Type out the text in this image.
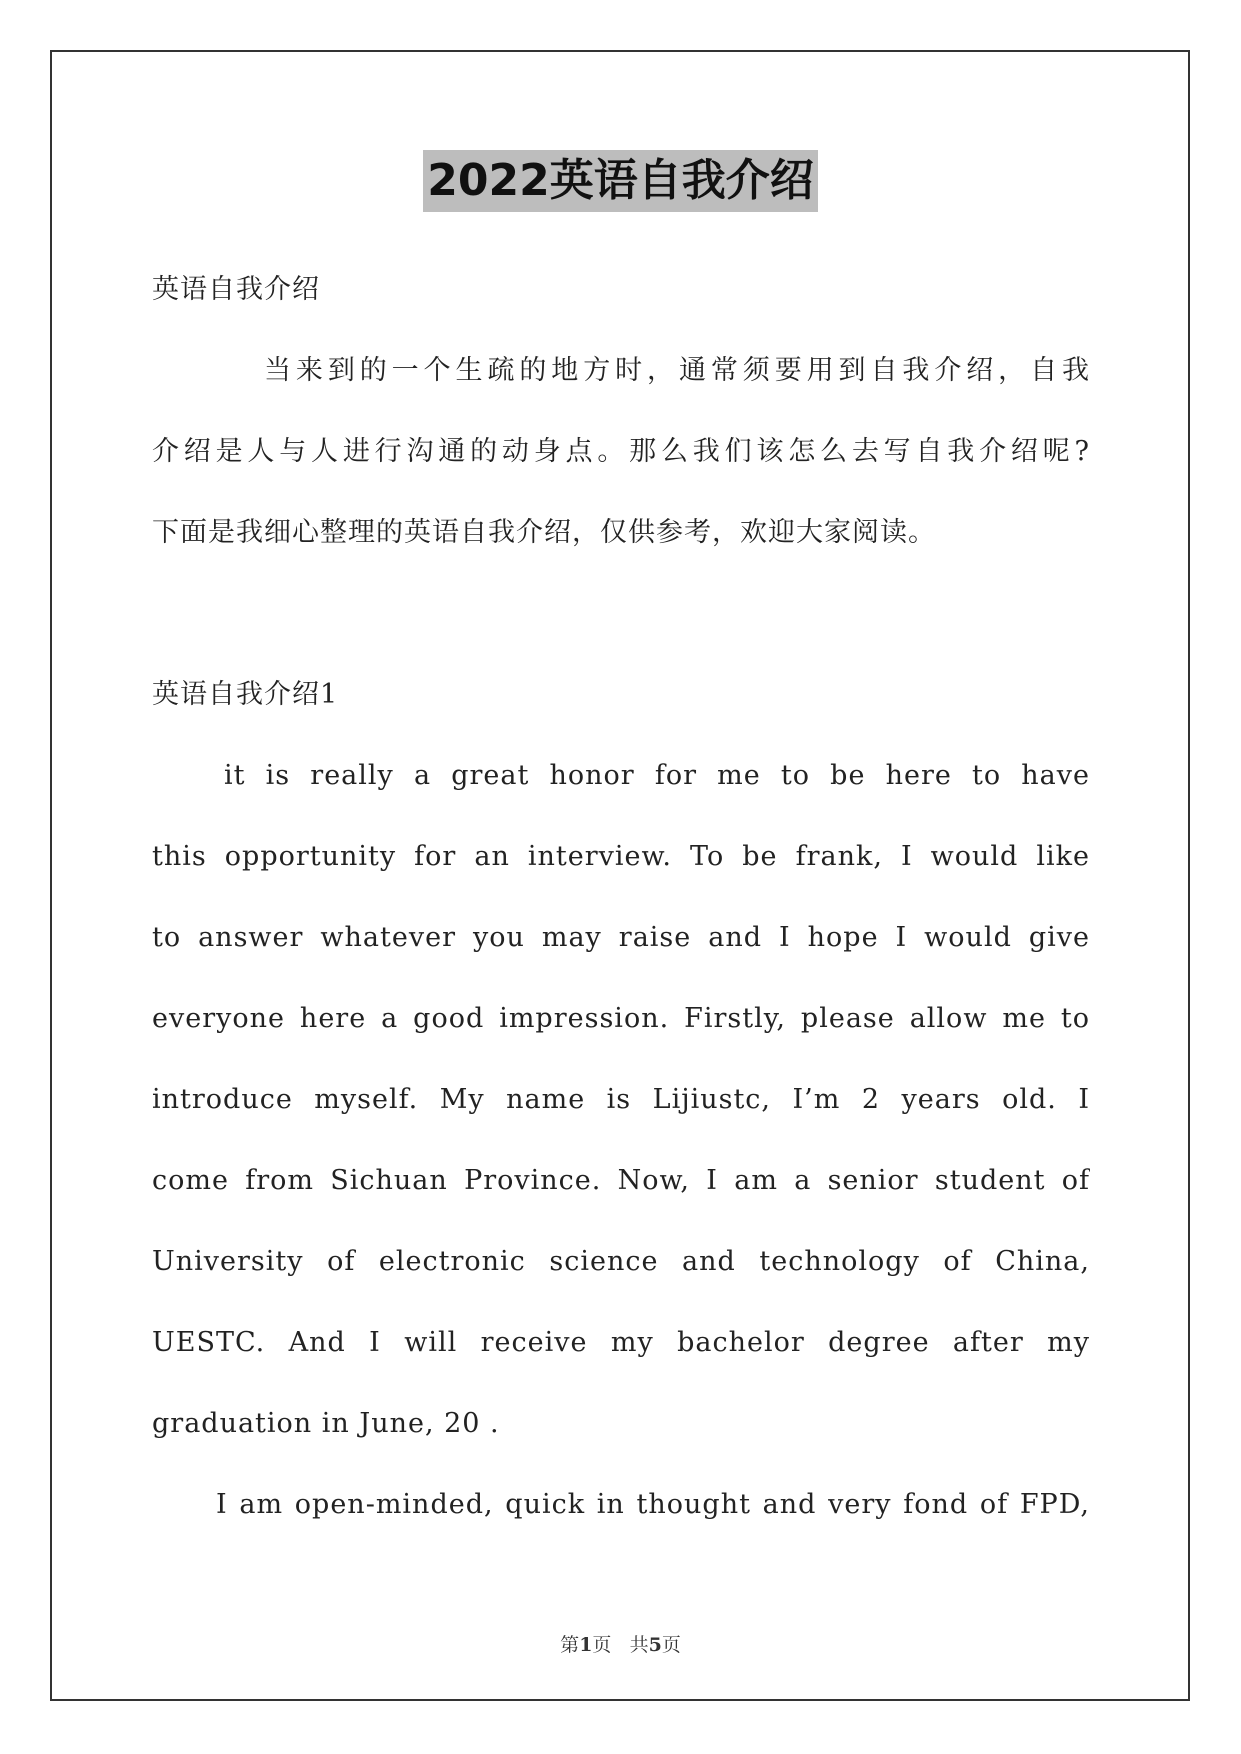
2022英语自我介绍
英语自我介绍
当来到的一个生疏的地方时，通常须要用到自我介绍，自我
介绍是人与人进行沟通的动身点。那么我们该怎么去写自我介绍呢?
下面是我细心整理的英语自我介绍，仅供参考，欢迎大家阅读。
英语自我介绍1
it is really a great honor for me to be here to have
this opportunity for an interview. To be frank, I would like
to answer whatever you may raise and I hope I would give
everyone here a good impression. Firstly, please allow me to
introduce myself. My name is Lijiustc, I’m 2 years old. I
come from Sichuan Province. Now, I am a senior student of
University of electronic science and technology of China,
UESTC. And I will receive my bachelor degree after my
graduation in June, 20 .
I am open-minded, quick in thought and very fond of FPD,
第1页 共5页
